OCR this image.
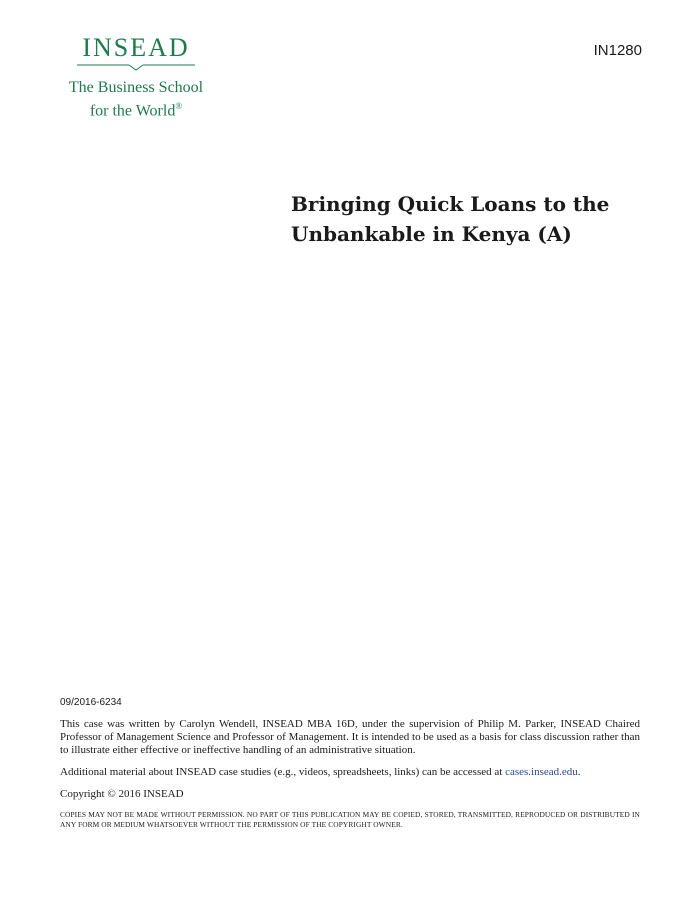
INSEAD
The Business School
for the World®
IN1280
Bringing Quick Loans to the Unbankable in Kenya (A)

09/2016-6234

This case was written by Carolyn Wendell, INSEAD MBA 16D, under the supervision of Philip M. Parker, INSEAD Chaired Professor of Management Science and Professor of Management. It is intended to be used as a basis for class discussion rather than to illustrate either effective or ineffective handling of an administrative situation.

Additional material about INSEAD case studies (e.g., videos, spreadsheets, links) can be accessed at cases.insead.edu.

Copyright © 2016 INSEAD

COPIES MAY NOT BE MADE WITHOUT PERMISSION. NO PART OF THIS PUBLICATION MAY BE COPIED, STORED, TRANSMITTED, REPRODUCED OR DISTRIBUTED IN ANY FORM OR MEDIUM WHATSOEVER WITHOUT THE PERMISSION OF THE COPYRIGHT OWNER.
